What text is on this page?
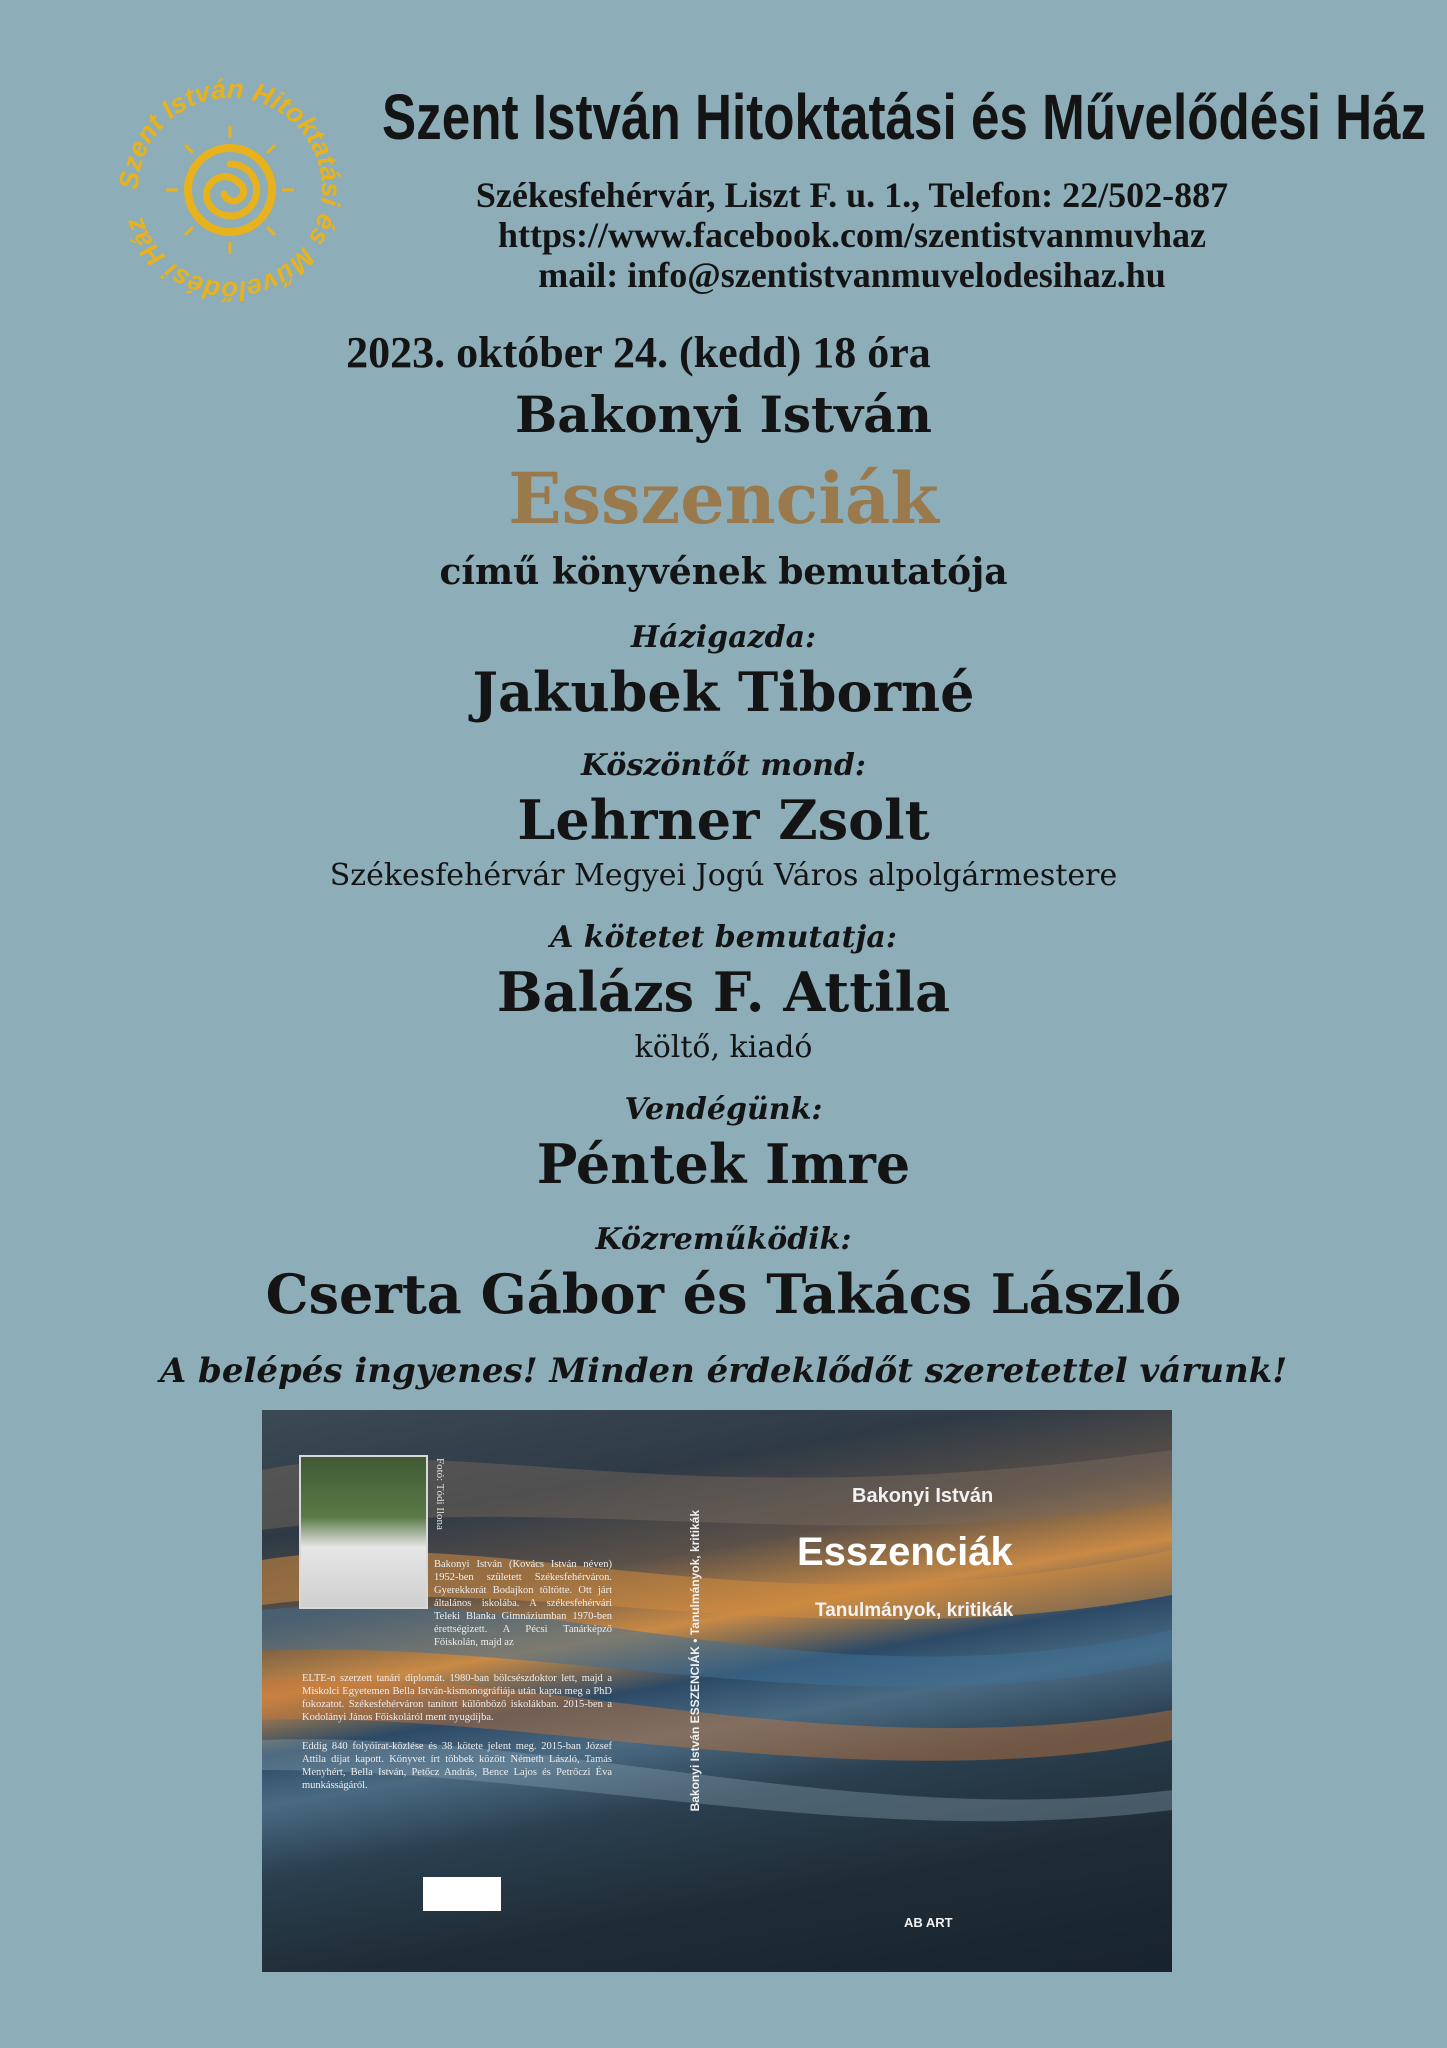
Szent István Hitoktatási és Művelődési Ház
Szent István Hitoktatási és Művelődési Ház
Székesfehérvár, Liszt F. u. 1., Telefon: 22/502-887
https://www.facebook.com/szentistvanmuvhaz
mail: info@szentistvanmuvelodesihaz.hu
2023. október 24. (kedd) 18 óra
Bakonyi István
Esszenciák
című könyvének bemutatója
Házigazda:
Jakubek Tiborné
Köszöntőt mond:
Lehrner Zsolt
Székesfehérvár Megyei Jogú Város alpolgármestere
A kötetet bemutatja:
Balázs F. Attila
költő, kiadó
Vendégünk:
Péntek Imre
Közreműködik:
Cserta Gábor és Takács László
A belépés ingyenes! Minden érdeklődőt szeretettel várunk!
Fotó: Tódi Ilona
Bakonyi István (Kovács István néven) 1952-ben született Székesfehérváron. Gyerekkorát Bodajkon töltötte. Ott járt általános iskolába. A székesfehérvári Teleki Blanka Gimnáziumban 1970-ben érettségizett. A Pécsi Tanárképző Főiskolán, majd az
ELTE-n szerzett tanári diplomát. 1980-ban bölcsészdoktor lett, majd a Miskolci Egyetemen Bella István-kismonográfiája után kapta meg a PhD fokozatot. Székesfehérváron tanított különböző iskolákban. 2015-ben a Kodolányi János Főiskoláról ment nyugdíjba.
Eddig 840 folyóirat-közlése és 38 kötete jelent meg. 2015-ban József Attila díjat kapott. Könyvet írt többek között Németh László, Tamás Menyhért, Bella István, Petőcz András, Bence Lajos és Petrőczi Éva munkásságáról.	Bakonyi István ESSZENCIÁK • Tanulmányok, kritikák
Bakonyi István
Esszenciák
Tanulmányok, kritikák
AB ART
